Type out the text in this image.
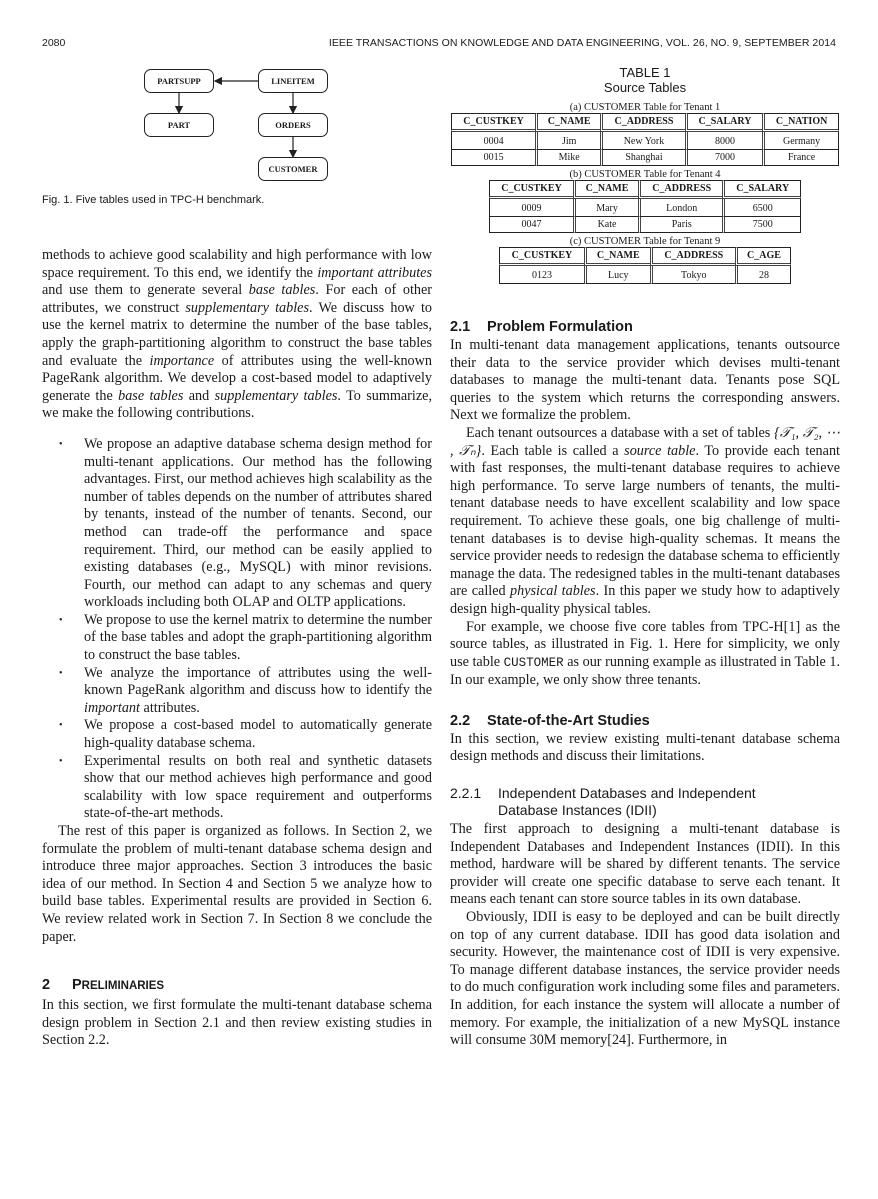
2080	IEEE TRANSACTIONS ON KNOWLEDGE AND DATA ENGINEERING, VOL. 26, NO. 9, SEPTEMBER 2014
PARTSUPP	LINEITEM
PART	ORDERS
CUSTOMER
Fig. 1. Five tables used in TPC-H benchmark.

methods to achieve good scalability and high performance with low space requirement. To this end, we identify the important attributes and use them to generate several base tables. For each of other attributes, we construct supplementary tables. We discuss how to use the kernel matrix to determine the number of the base tables, apply the graph-partitioning algorithm to construct the base tables and evaluate the importance of attributes using the well-known PageRank algorithm. We develop a cost-based model to adaptively generate the base tables and supplementary tables. To summarize, we make the following contributions.

• We propose an adaptive database schema design method for multi-tenant applications. Our method has the following advantages. First, our method achieves high scalability as the number of tables depends on the number of attributes shared by tenants, instead of the number of tenants. Second, our method can trade-off the performance and space requirement. Third, our method can be easily applied to existing databases (e.g., MySQL) with minor revisions. Fourth, our method can adapt to any schemas and query workloads including both OLAP and OLTP applications.
• We propose to use the kernel matrix to determine the number of the base tables and adopt the graph-partitioning algorithm to construct the base tables.
• We analyze the importance of attributes using the well-known PageRank algorithm and discuss how to identify the important attributes.
• We propose a cost-based model to automatically generate high-quality database schema.
• Experimental results on both real and synthetic datasets show that our method achieves high performance and good scalability with low space requirement and outperforms state-of-the-art methods.

The rest of this paper is organized as follows. In Section 2, we formulate the problem of multi-tenant database schema design and introduce three major approaches. Section 3 introduces the basic idea of our method. In Section 4 and Section 5 we analyze how to build base tables. Experimental results are provided in Section 6. We review related work in Section 7. In Section 8 we conclude the paper.

2 PRELIMINARIES

In this section, we first formulate the multi-tenant database schema design problem in Section 2.1 and then review existing studies in Section 2.2.

TABLE 1
Source Tables
(a) CUSTOMER Table for Tenant 1
C_CUSTKEY	C_NAME	C_ADDRESS	C_SALARY	C_NATION
0004	Jim	New York	8000	Germany
0015	Mike	Shanghai	7000	France
(b) CUSTOMER Table for Tenant 4
C_CUSTKEY	C_NAME	C_ADDRESS	C_SALARY
0009	Mary	London	6500
0047	Kate	Paris	7500
(c) CUSTOMER Table for Tenant 9
C_CUSTKEY	C_NAME	C_ADDRESS	C_AGE
0123	Lucy	Tokyo	28
2.1 Problem Formulation

In multi-tenant data management applications, tenants outsource their data to the service provider which devises multi-tenant databases to manage the multi-tenant data. Tenants pose SQL queries to the system which returns the corresponding answers. Next we formalize the problem.

Each tenant outsources a database with a set of tables {𝒯₁, 𝒯₂, ⋯ , 𝒯ₙ}. Each table is called a source table. To provide each tenant with fast responses, the multi-tenant database requires to achieve high performance. To serve large numbers of tenants, the multi-tenant database needs to have excellent scalability and low space requirement. To achieve these goals, one big challenge of multi-tenant databases is to devise high-quality schemas. It means the service provider needs to redesign the database schema to efficiently manage the data. The redesigned tables in the multi-tenant databases are called physical tables. In this paper we study how to adaptively design high-quality physical tables.

For example, we choose five core tables from TPC-H[1] as the source tables, as illustrated in Fig. 1. Here for simplicity, we only use table CUSTOMER as our running example as illustrated in Table 1. In our example, we only show three tenants.

2.2 State-of-the-Art Studies

In this section, we review existing multi-tenant database schema design methods and discuss their limitations.

2.2.1	Independent Databases and Independent
Database Instances (IDII)

The first approach to designing a multi-tenant database is Independent Databases and Independent Instances (IDII). In this method, hardware will be shared by different tenants. The service provider will create one specific database to serve each tenant. It means each tenant can store source tables in its own database.

Obviously, IDII is easy to be deployed and can be built directly on top of any current database. IDII has good data isolation and security. However, the maintenance cost of IDII is very expensive. To manage different database instances, the service provider needs to do much configuration work including some files and parameters. In addition, for each instance the system will allocate a number of memory. For example, the initialization of a new MySQL instance will consume 30M memory[24]. Furthermore, in
